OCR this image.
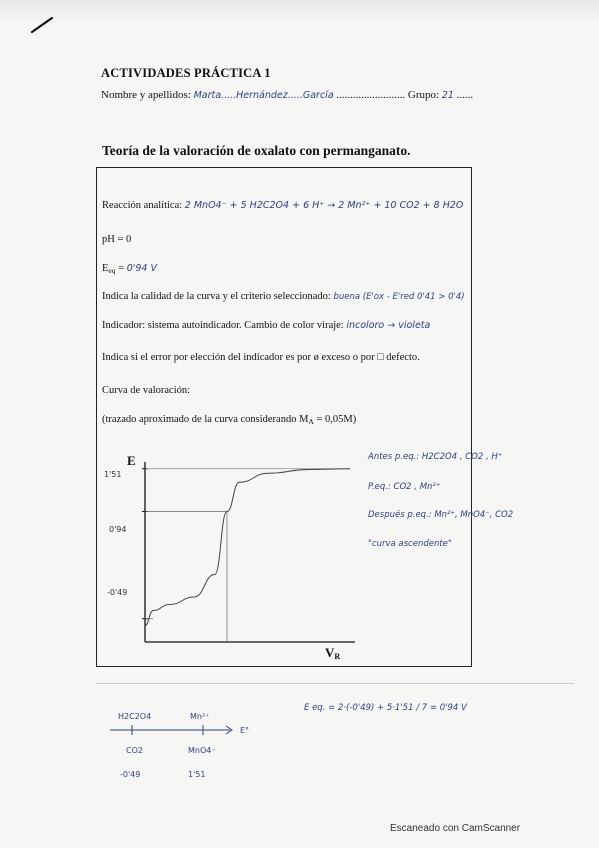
ACTIVIDADES PRÁCTICA 1
Nombre y apellidos: Marta.....Hernández.....García ......................... Grupo: 21 ......
Teoría de la valoración de oxalato con permanganato.
Reacción analítica: 2 MnO4⁻ + 5 H2C2O4 + 6 H⁺ → 2 Mn²⁺ + 10 CO2 + 8 H2O
pH = 0
$E_{eq} = 0'94$ V
Indica la calidad de la curva y el criterio seleccionado: buena (E'ox - E'red 0'41 > 0'4)
Indicador: sistema autoindicador. Cambio de color viraje: incoloro → violeta
Indica si el error por elección del indicador es por ø exceso o por □ defecto.
Curva de valoración:
(trazado aproximado de la curva considerando $M_A = 0,05M$)
Antes p.eq.: H2C2O4 , CO2 , H⁺
P.eq.: CO2 , Mn²⁺
Después p.eq.: Mn²⁺, MnO4⁻, CO2
"curva ascendente"
E
$V_R$
1'51
0'94
-0'49
H2C2O4	Mn²⁺
E°
CO2	MnO4⁻
-0'49	1'51
E eq. = 2·(-0'49) + 5·1'51 / 7 = 0'94 V
Escaneado con CamScanner
